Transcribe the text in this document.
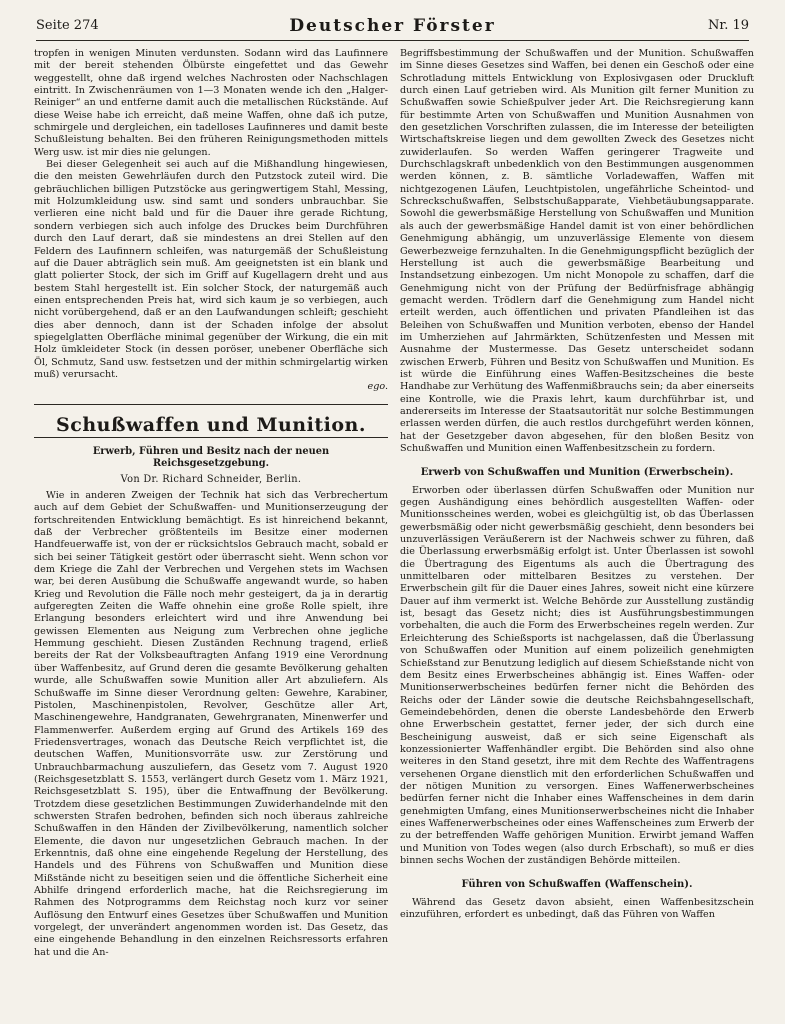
Seite 274	Deutscher Förster	Nr. 19

tropfen in wenigen Minuten verdunsten. Sodann wird das Laufinnere mit der bereit stehenden Ölbürste eingefettet und das Gewehr weggestellt, ohne daß irgend welches Nachrosten oder Nachschlagen eintritt. In Zwischenräumen von 1—3 Monaten wende ich den „Halger-Reiniger“ an und entferne damit auch die metallischen Rückstände. Auf diese Weise habe ich erreicht, daß meine Waffen, ohne daß ich putze, schmirgele und dergleichen, ein tadelloses Laufinneres und damit beste Schußleistung behalten. Bei den früheren Reinigungsmethoden mittels Werg usw. ist mir dies nie gelungen.

Bei dieser Gelegenheit sei auch auf die Mißhandlung hingewiesen, die den meisten Gewehrläufen durch den Putzstock zuteil wird. Die gebräuchlichen billigen Putzstöcke aus geringwertigem Stahl, Messing, mit Holzumkleidung usw. sind samt und sonders unbrauchbar. Sie verlieren eine nicht bald und für die Dauer ihre gerade Richtung, sondern verbiegen sich auch infolge des Druckes beim Durchführen durch den Lauf derart, daß sie mindestens an drei Stellen auf den Feldern des Laufinnern schleifen, was naturgemäß der Schußleistung auf die Dauer abträglich sein muß. Am geeignetsten ist ein blank und glatt polierter Stock, der sich im Griff auf Kugellagern dreht und aus bestem Stahl hergestellt ist. Ein solcher Stock, der naturgemäß auch einen entsprechenden Preis hat, wird sich kaum je so verbiegen, auch nicht vorübergehend, daß er an den Laufwandungen schleift; geschieht dies aber dennoch, dann ist der Schaden infolge der absolut spiegelglatten Oberfläche minimal gegenüber der Wirkung, die ein mit Holz ümkleideter Stock (in dessen poröser, unebener Oberfläche sich Öl, Schmutz, Sand usw. festsetzen und der mithin schmirgelartig wirken muß) verursacht.

ego.
Schußwaffen und Munition.
Erwerb, Führen und Besitz nach der neuen Reichsgesetzgebung.
Von Dr. Richard Schneider, Berlin.

Wie in anderen Zweigen der Technik hat sich das Verbrechertum auch auf dem Gebiet der Schußwaffen- und Munitionserzeugung der fortschreitenden Entwicklung bemächtigt. Es ist hinreichend bekannt, daß der Verbrecher größtenteils im Besitze einer modernen Handfeuerwaffe ist, von der er rücksichtslos Gebrauch macht, sobald er sich bei seiner Tätigkeit gestört oder überrascht sieht. Wenn schon vor dem Kriege die Zahl der Verbrechen und Vergehen stets im Wachsen war, bei deren Ausübung die Schußwaffe angewandt wurde, so haben Krieg und Revolution die Fälle noch mehr gesteigert, da ja in derartig aufgeregten Zeiten die Waffe ohnehin eine große Rolle spielt, ihre Erlangung besonders erleichtert wird und ihre Anwendung bei gewissen Elementen aus Neigung zum Verbrechen ohne jegliche Hemmung geschieht. Diesen Zuständen Rechnung tragend, erließ bereits der Rat der Volksbeauftragten Anfang 1919 eine Verordnung über Waffenbesitz, auf Grund deren die gesamte Bevölkerung gehalten wurde, alle Schußwaffen sowie Munition aller Art abzuliefern. Als Schußwaffe im Sinne dieser Verordnung gelten: Gewehre, Karabiner, Pistolen, Maschinenpistolen, Revolver, Geschütze aller Art, Maschinengewehre, Handgranaten, Gewehrgranaten, Minenwerfer und Flammenwerfer. Außerdem erging auf Grund des Artikels 169 des Friedensvertrages, wonach das Deutsche Reich verpflichtet ist, die deutschen Waffen, Munitionsvorräte usw. zur Zerstörung und Unbrauchbarmachung auszuliefern, das Gesetz vom 7. August 1920 (Reichsgesetzblatt S. 1553, verlängert durch Gesetz vom 1. März 1921, Reichsgesetzblatt S. 195), über die Entwaffnung der Bevölkerung. Trotzdem diese gesetzlichen Bestimmungen Zuwiderhandelnde mit den schwersten Strafen bedrohen, befinden sich noch überaus zahlreiche Schußwaffen in den Händen der Zivilbevölkerung, namentlich solcher Elemente, die davon nur ungesetzlichen Gebrauch machen. In der Erkenntnis, daß ohne eine eingehende Regelung der Herstellung, des Handels und des Führens von Schußwaffen und Munition diese Mißstände nicht zu beseitigen seien und die öffentliche Sicherheit eine Abhilfe dringend erforderlich mache, hat die Reichsregierung im Rahmen des Notprogramms dem Reichstag noch kurz vor seiner Auflösung den Entwurf eines Gesetzes über Schußwaffen und Munition vorgelegt, der unverändert angenommen worden ist. Das Gesetz, das eine eingehende Behandlung in den einzelnen Reichsressorts erfahren hat und die An-

Begriffsbestimmung der Schußwaffen und der Munition. Schußwaffen im Sinne dieses Gesetzes sind Waffen, bei denen ein Geschoß oder eine Schrotladung mittels Entwicklung von Explosivgasen oder Druckluft durch einen Lauf getrieben wird. Als Munition gilt ferner Munition zu Schußwaffen sowie Schießpulver jeder Art. Die Reichsregierung kann für bestimmte Arten von Schußwaffen und Munition Ausnahmen von den gesetzlichen Vorschriften zulassen, die im Interesse der beteiligten Wirtschaftskreise liegen und dem gewollten Zweck des Gesetzes nicht zuwiderlaufen. So werden Waffen geringerer Tragweite und Durchschlagskraft unbedenklich von den Bestimmungen ausgenommen werden können, z. B. sämtliche Vorladewaffen, Waffen mit nichtgezogenen Läufen, Leuchtpistolen, ungefährliche Scheintod- und Schreckschußwaffen, Selbstschußapparate, Viehbetäubungsapparate. Sowohl die gewerbsmäßige Herstellung von Schußwaffen und Munition als auch der gewerbsmäßige Handel damit ist von einer behördlichen Genehmigung abhängig, um unzuverlässige Elemente von diesem Gewerbezweige fernzuhalten. In die Genehmigungspflicht bezüglich der Herstellung ist auch die gewerbsmäßige Bearbeitung und Instandsetzung einbezogen. Um nicht Monopole zu schaffen, darf die Genehmigung nicht von der Prüfung der Bedürfnisfrage abhängig gemacht werden. Trödlern darf die Genehmigung zum Handel nicht erteilt werden, auch öffentlichen und privaten Pfandleihen ist das Beleihen von Schußwaffen und Munition verboten, ebenso der Handel im Umherziehen auf Jahrmärkten, Schützenfesten und Messen mit Ausnahme der Mustermesse. Das Gesetz unterscheidet sodann zwischen Erwerb, Führen und Besitz von Schußwaffen und Munition. Es ist würde die Einführung eines Waffen-Besitzscheines die beste Handhabe zur Verhütung des Waffenmißbrauchs sein; da aber einerseits eine Kontrolle, wie die Praxis lehrt, kaum durchführbar ist, und andererseits im Interesse der Staatsautorität nur solche Bestimmungen erlassen werden dürfen, die auch restlos durchgeführt werden können, hat der Gesetzgeber davon abgesehen, für den bloßen Besitz von Schußwaffen und Munition einen Waffenbesitzschein zu fordern.

Erwerb von Schußwaffen und Munition (Erwerbschein).

Erworben oder überlassen dürfen Schußwaffen oder Munition nur gegen Aushändigung eines behördlich ausgestellten Waffen- oder Munitionsscheines werden, wobei es gleichgültig ist, ob das Überlassen gewerbsmäßig oder nicht gewerbsmäßig geschieht, denn besonders bei unzuverlässigen Veräußerern ist der Nachweis schwer zu führen, daß die Überlassung erwerbsmäßig erfolgt ist. Unter Überlassen ist sowohl die Übertragung des Eigentums als auch die Übertragung des unmittelbaren oder mittelbaren Besitzes zu verstehen. Der Erwerbschein gilt für die Dauer eines Jahres, soweit nicht eine kürzere Dauer auf ihm vermerkt ist. Welche Behörde zur Ausstellung zuständig ist, besagt das Gesetz nicht; dies ist Ausführungsbestimmungen vorbehalten, die auch die Form des Erwerbscheines regeln werden. Zur Erleichterung des Schießsports ist nachgelassen, daß die Überlassung von Schußwaffen oder Munition auf einem polizeilich genehmigten Schießstand zur Benutzung lediglich auf diesem Schießstande nicht von dem Besitz eines Erwerbscheines abhängig ist. Eines Waffen- oder Munitionserwerbscheines bedürfen ferner nicht die Behörden des Reichs oder der Länder sowie die deutsche Reichsbahngesellschaft, Gemeindebehörden, denen die oberste Landesbehörde den Erwerb ohne Erwerbschein gestattet, ferner jeder, der sich durch eine Bescheinigung ausweist, daß er sich seine Eigenschaft als konzessionierter Waffenhändler ergibt. Die Behörden sind also ohne weiteres in den Stand gesetzt, ihre mit dem Rechte des Waffentragens versehenen Organe dienstlich mit den erforderlichen Schußwaffen und der nötigen Munition zu versorgen. Eines Waffenerwerbscheines bedürfen ferner nicht die Inhaber eines Waffenscheines in dem darin genehmigten Umfang, eines Munitionserwerbscheines nicht die Inhaber eines Waffenerwerbscheines oder eines Waffenscheines zum Erwerb der zu der betreffenden Waffe gehörigen Munition. Erwirbt jemand Waffen und Munition von Todes wegen (also durch Erbschaft), so muß er dies binnen sechs Wochen der zuständigen Behörde mitteilen.

Führen von Schußwaffen (Waffenschein).

Während das Gesetz davon absieht, einen Waffenbesitzschein einzuführen, erfordert es unbedingt, daß das Führen von Waffen
